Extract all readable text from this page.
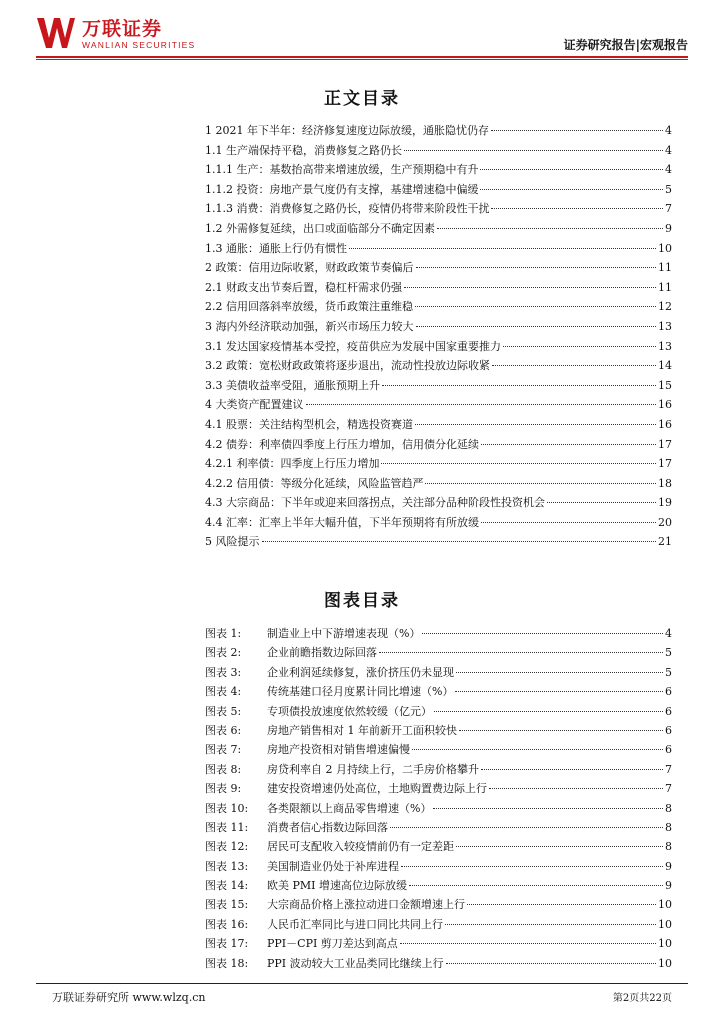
万联证券
WANLIAN SECURITIES	证券研究报告|宏观报告
正文目录
1 2021 年下半年：经济修复速度边际放缓，通胀隐忧仍存	4
1.1 生产端保持平稳，消费修复之路仍长	4
1.1.1 生产：基数抬高带来增速放缓，生产预期稳中有升	4
1.1.2 投资：房地产景气度仍有支撑，基建增速稳中偏缓	5
1.1.3 消费：消费修复之路仍长，疫情仍将带来阶段性干扰	7
1.2 外需修复延续，出口或面临部分不确定因素	9
1.3 通胀：通胀上行仍有惯性	10
2 政策：信用边际收紧，财政政策节奏偏后	11
2.1 财政支出节奏后置，稳杠杆需求仍强	11
2.2 信用回落斜率放缓，货币政策注重维稳	12
3 海内外经济联动加强，新兴市场压力较大	13
3.1 发达国家疫情基本受控，疫苗供应为发展中国家重要推力	13
3.2 政策：宽松财政政策将逐步退出，流动性投放边际收紧	14
3.3 美债收益率受阻，通胀预期上升	15
4 大类资产配置建议	16
4.1 股票：关注结构型机会，精选投资赛道	16
4.2 债券：利率债四季度上行压力增加，信用债分化延续	17
4.2.1 利率债：四季度上行压力增加	17
4.2.2 信用债：等级分化延续，风险监管趋严	18
4.3 大宗商品：下半年或迎来回落拐点，关注部分品种阶段性投资机会	19
4.4 汇率：汇率上半年大幅升值，下半年预期将有所放缓	20
5 风险提示	21
图表目录
图表 1:	制造业上中下游增速表现（%）	4
图表 2:	企业前瞻指数边际回落	5
图表 3:	企业利润延续修复，涨价挤压仍未显现	5
图表 4:	传统基建口径月度累计同比增速（%）	6
图表 5:	专项债投放速度依然较缓（亿元）	6
图表 6:	房地产销售相对 1 年前新开工面积较快	6
图表 7:	房地产投资相对销售增速偏慢	6
图表 8:	房贷利率自 2 月持续上行，二手房价格攀升	7
图表 9:	建安投资增速仍处高位，土地购置费边际上行	7
图表 10:	各类限额以上商品零售增速（%）	8
图表 11:	消费者信心指数边际回落	8
图表 12:	居民可支配收入较疫情前仍有一定差距	8
图表 13:	美国制造业仍处于补库进程	9
图表 14:	欧美 PMI 增速高位边际放缓	9
图表 15:	大宗商品价格上涨拉动进口金额增速上行	10
图表 16:	人民币汇率同比与进口同比共同上行	10
图表 17:	PPI－CPI 剪刀差达到高点	10
图表 18:	PPI 波动较大工业品类同比继续上行	10
万联证券研究所 www.wlzq.cn	第2页共22页
